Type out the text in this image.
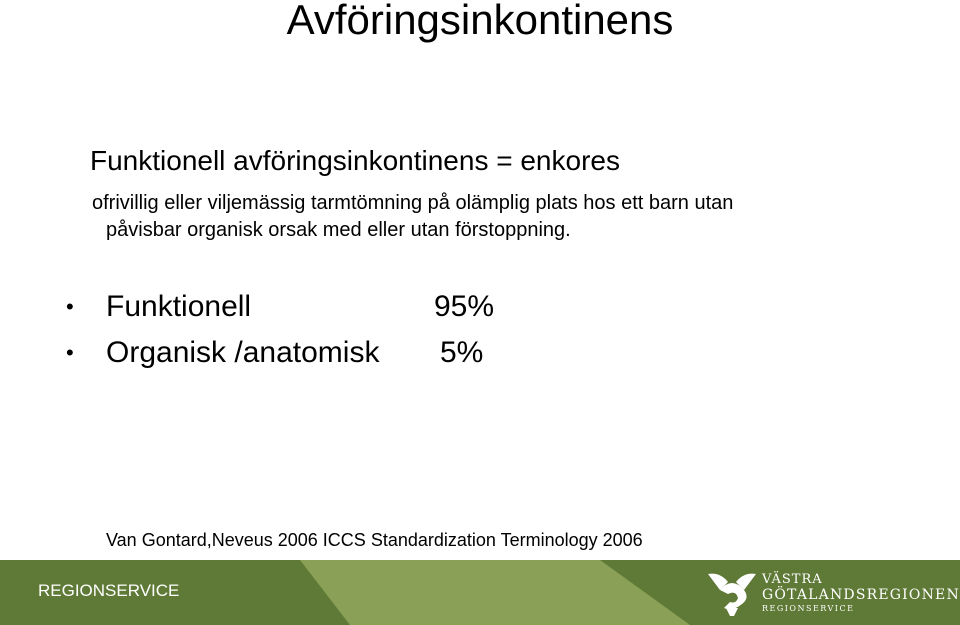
Avföringsinkontinens
Funktionell avföringsinkontinens = enkores
ofrivillig eller viljemässig tarmtömning på olämplig plats hos ett barn utan
påvisbar organisk orsak med eller utan förstoppning.
• Funktionell	95%
• Organisk /anatomisk 5%
Van Gontard,Neveus 2006 ICCS Standardization Terminology 2006
REGIONSERVICE
VÄSTRA
GÖTALANDSREGIONEN
REGIONSERVICE
